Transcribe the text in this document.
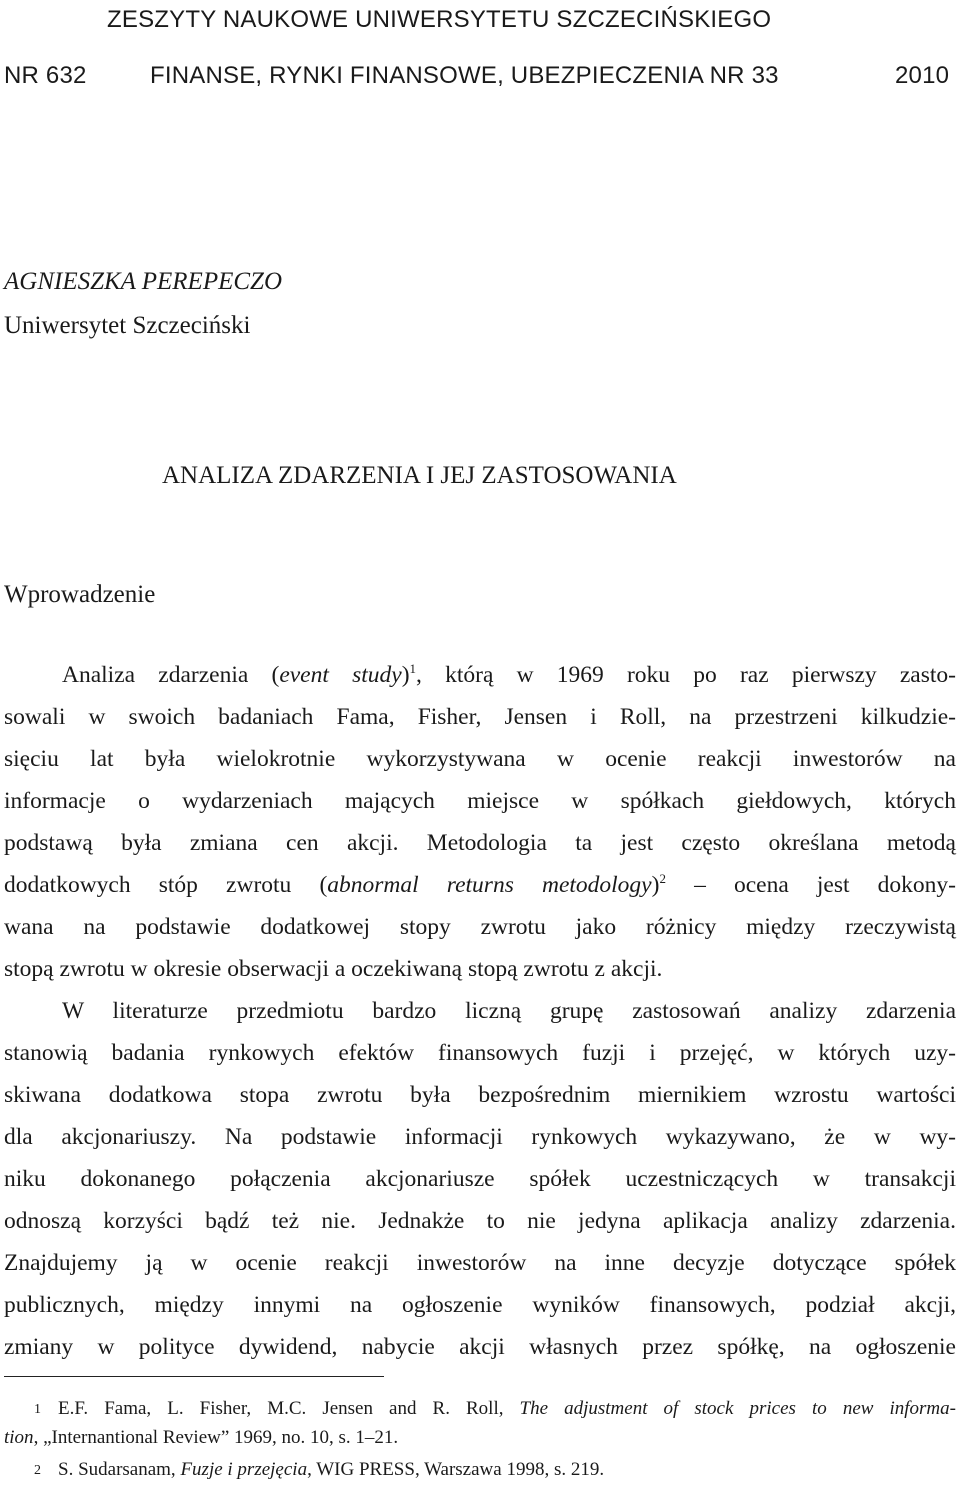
ZESZYTY NAUKOWE UNIWERSYTETU SZCZECIŃSKIEGO
NR 632	FINANSE, RYNKI FINANSOWE, UBEZPIECZENIA NR 33	2010
AGNIESZKA PEREPECZO
Uniwersytet Szczeciński
ANALIZA ZDARZENIA I JEJ ZASTOSOWANIA
Wprowadzenie
Analiza zdarzenia (event study)$^1$, którą w 1969 roku po raz pierwszy zasto-
sowali w swoich badaniach Fama, Fisher, Jensen i Roll, na przestrzeni kilkudzie-
sięciu lat była wielokrotnie wykorzystywana w ocenie reakcji inwestorów na
informacje o wydarzeniach mających miejsce w spółkach giełdowych, których
podstawą była zmiana cen akcji. Metodologia ta jest często określana metodą
dodatkowych stóp zwrotu (abnormal returns metodology)$^2$ – ocena jest dokony-
wana na podstawie dodatkowej stopy zwrotu jako różnicy między rzeczywistą
stopą zwrotu w okresie obserwacji a oczekiwaną stopą zwrotu z akcji.
W literaturze przedmiotu bardzo liczną grupę zastosowań analizy zdarzenia
stanowią badania rynkowych efektów finansowych fuzji i przejęć, w których uzy-
skiwana dodatkowa stopa zwrotu była bezpośrednim miernikiem wzrostu wartości
dla akcjonariuszy. Na podstawie informacji rynkowych wykazywano, że w wy-
niku dokonanego połączenia akcjonariusze spółek uczestniczących w transakcji
odnoszą korzyści bądź też nie. Jednakże to nie jedyna aplikacja analizy zdarzenia.
Znajdujemy ją w ocenie reakcji inwestorów na inne decyzje dotyczące spółek
publicznych, między innymi na ogłoszenie wyników finansowych, podział akcji,
zmiany w polityce dywidend, nabycie akcji własnych przez spółkę, na ogłoszenie
1 E.F. Fama, L. Fisher, M.C. Jensen and R. Roll, The adjustment of stock prices to new informa-
tion, „Internantional Review” 1969, no. 10, s. 1–21.
2 S. Sudarsanam, Fuzje i przejęcia, WIG PRESS, Warszawa 1998, s. 219.
